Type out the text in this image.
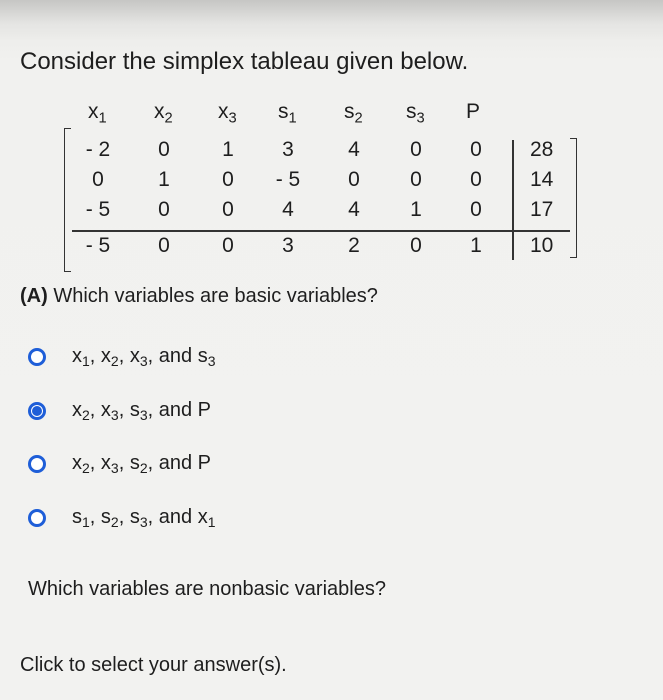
Consider the simplex tableau given below.
$x_1$ $x_2$ $x_3$ $s_1$ $s_2$ $s_3$ P
- 2	0	1	3	4	0	0	28
0	1	0	- 5	0	0	0	14
- 5	0	0	4	4	1	0	17
- 5	0	0	3	2	0	1	10
(A) Which variables are basic variables?
$x_1$, $x_2$, $x_3$, and $s_3$
$x_2$, $x_3$, $s_3$, and P
$x_2$, $x_3$, $s_2$, and P
$s_1$, $s_2$, $s_3$, and $x_1$
Which variables are nonbasic variables?
Click to select your answer(s).
